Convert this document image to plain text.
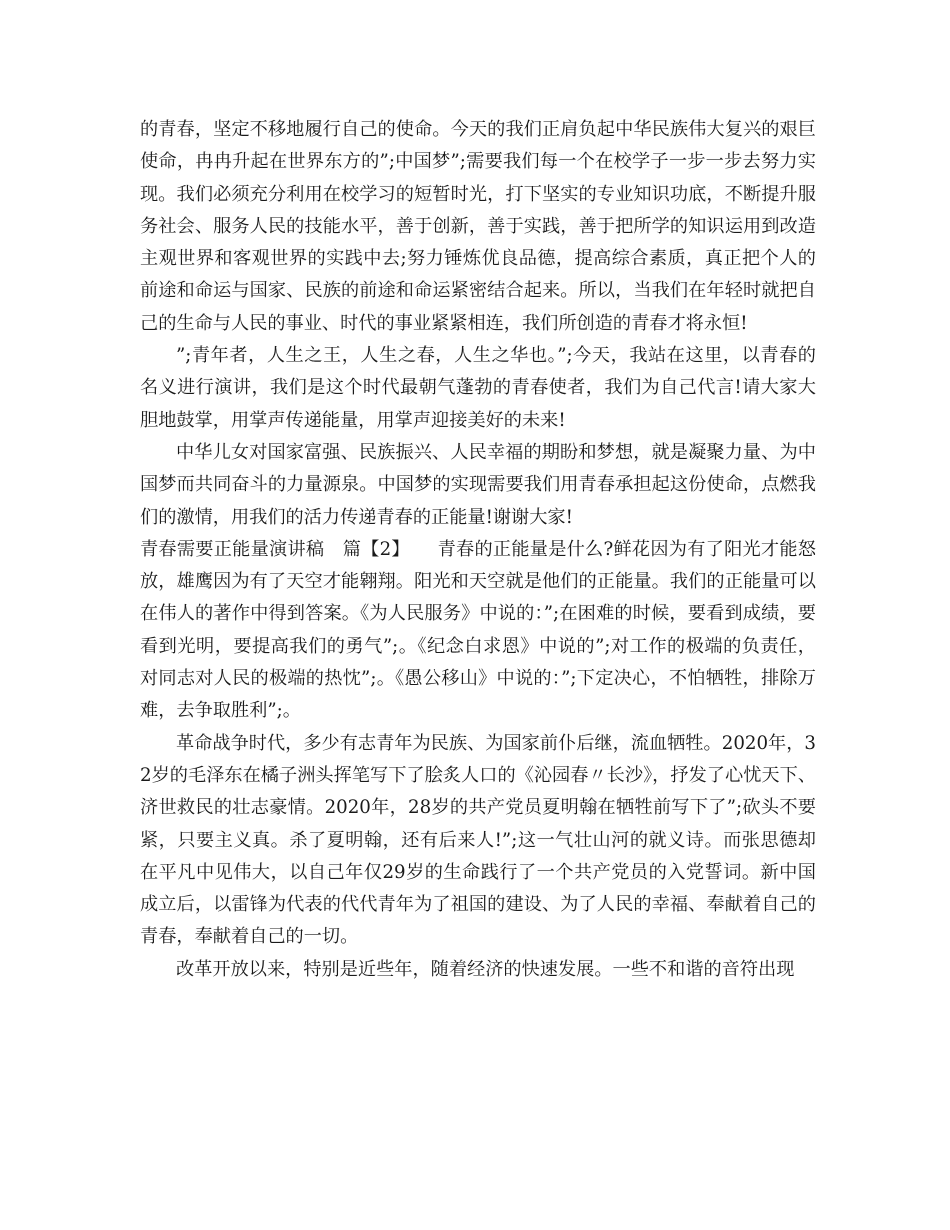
的青春，坚定不移地履行自己的使命。今天的我们正肩负起中华民族伟大复兴的艰巨使命，冉冉升起在世界东方的”;中国梦”;需要我们每一个在校学子一步一步去努力实现。我们必须充分利用在校学习的短暂时光，打下坚实的专业知识功底，不断提升服务社会、服务人民的技能水平，善于创新，善于实践，善于把所学的知识运用到改造主观世界和客观世界的实践中去;努力锤炼优良品德，提高综合素质，真正把个人的前途和命运与国家、民族的前途和命运紧密结合起来。所以，当我们在年轻时就把自己的生命与人民的事业、时代的事业紧紧相连，我们所创造的青春才将永恒!

”;青年者，人生之王，人生之春，人生之华也。”;今天，我站在这里，以青春的名义进行演讲，我们是这个时代最朝气蓬勃的青春使者，我们为自己代言!请大家大胆地鼓掌，用掌声传递能量，用掌声迎接美好的未来!

中华儿女对国家富强、民族振兴、人民幸福的期盼和梦想，就是凝聚力量、为中国梦而共同奋斗的力量源泉。中国梦的实现需要我们用青春承担起这份使命，点燃我们的激情，用我们的活力传递青春的正能量!谢谢大家!

青春需要正能量演讲稿　篇【2】　　青春的正能量是什么?鲜花因为有了阳光才能怒放，雄鹰因为有了天空才能翱翔。阳光和天空就是他们的正能量。我们的正能量可以在伟人的著作中得到答案。《为人民服务》中说的：”;在困难的时候，要看到成绩，要看到光明，要提高我们的勇气”;。《纪念白求恩》中说的”;对工作的极端的负责任，对同志对人民的极端的热忱”;。《愚公移山》中说的：”;下定决心，不怕牺牲，排除万难，去争取胜利”;。

革命战争时代，多少有志青年为民族、为国家前仆后继，流血牺牲。2020年，32岁的毛泽东在橘子洲头挥笔写下了脍炙人口的《沁园春〃长沙》，抒发了心忧天下、济世救民的壮志豪情。2020年，28岁的共产党员夏明翰在牺牲前写下了”;砍头不要紧，只要主义真。杀了夏明翰，还有后来人!”;这一气壮山河的就义诗。而张思德却在平凡中见伟大，以自己年仅29岁的生命践行了一个共产党员的入党誓词。新中国成立后，以雷锋为代表的代代青年为了祖国的建设、为了人民的幸福、奉献着自己的青春，奉献着自己的一切。

改革开放以来，特别是近些年，随着经济的快速发展。一些不和谐的音符出现
